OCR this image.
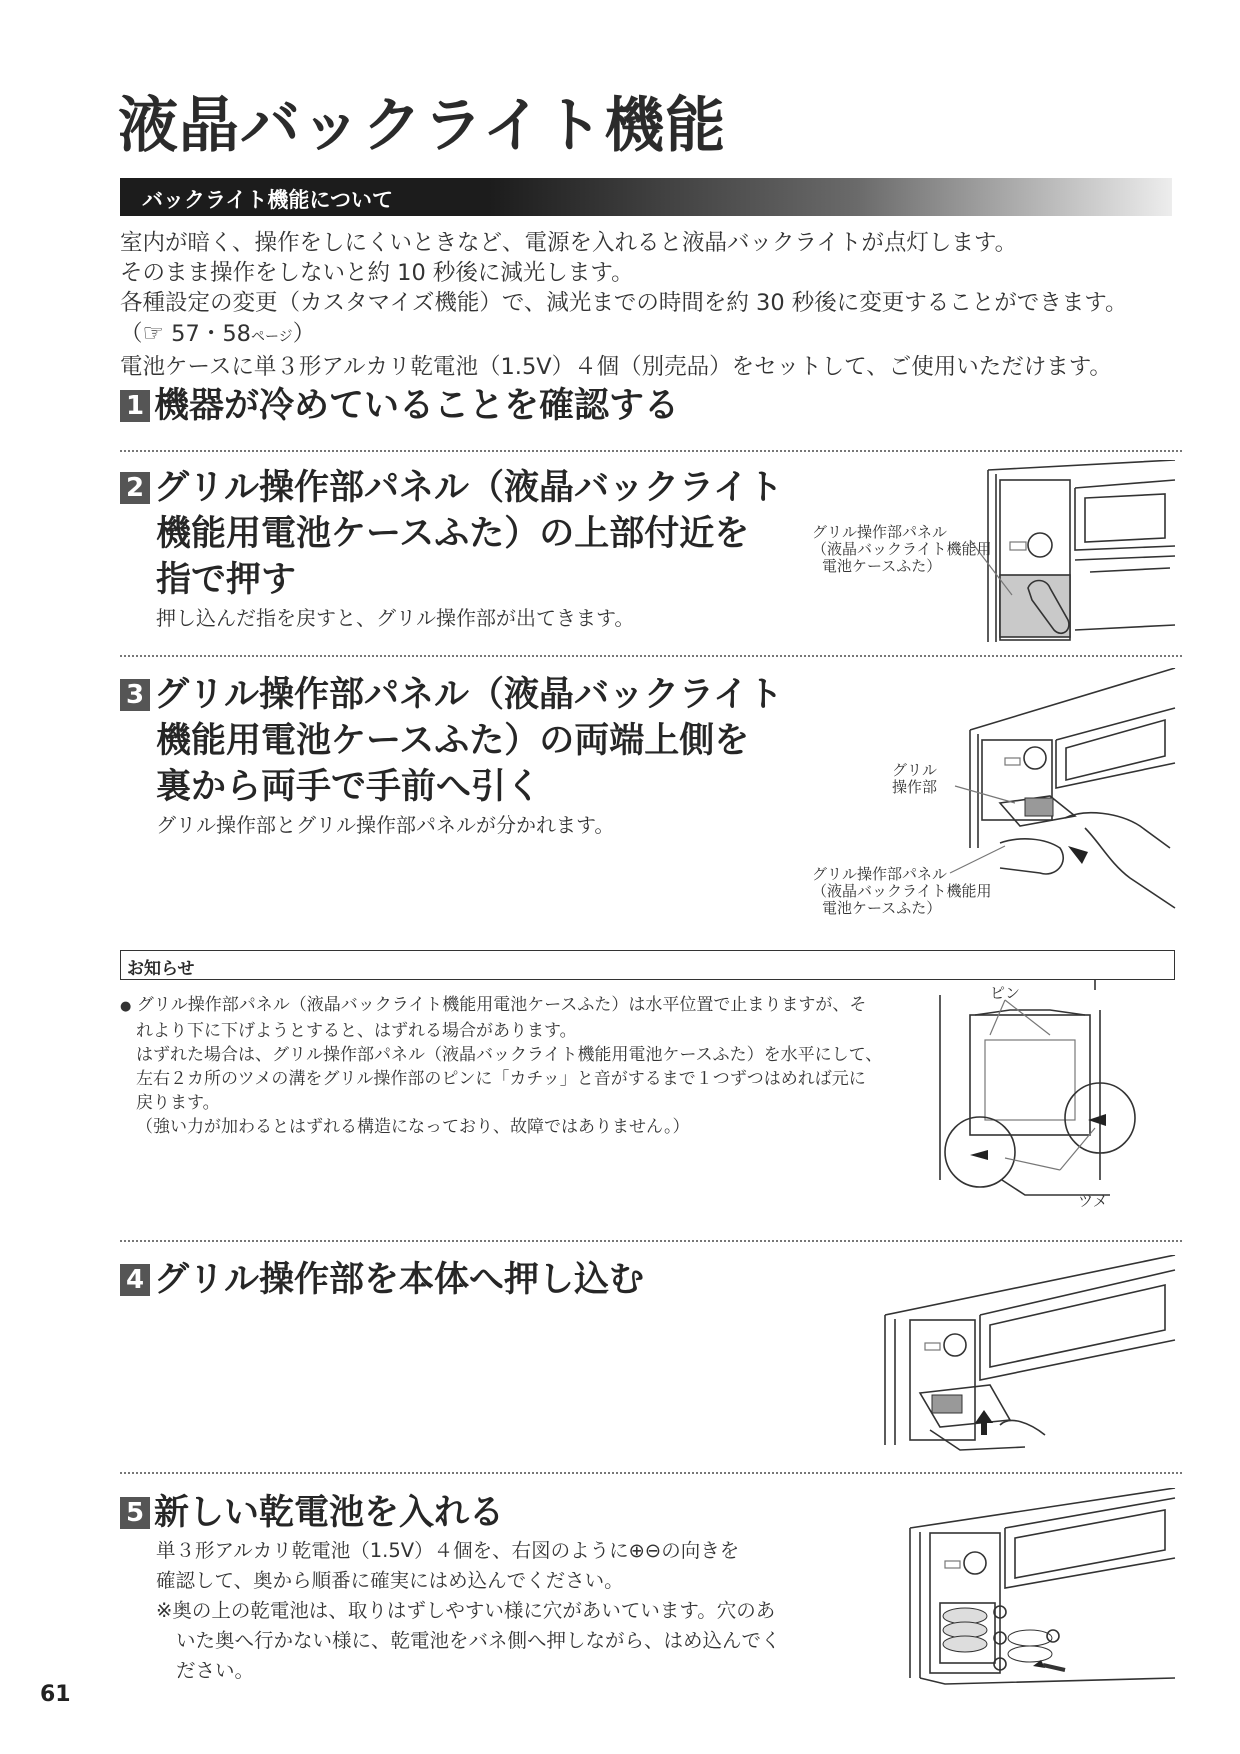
液晶バックライト機能
バックライト機能について
室内が暗く、操作をしにくいときなど、電源を入れると液晶バックライトが点灯します。
そのまま操作をしないと約 10 秒後に減光します。
各種設定の変更（カスタマイズ機能）で、減光までの時間を約 30 秒後に変更することができます。
（☞ 57・58ページ）
電池ケースに単３形アルカリ乾電池（1.5V）４個（別売品）をセットして、ご使用いただけます。
1 機器が冷めていることを確認する
2 グリル操作部パネル（液晶バックライト
機能用電池ケースふた）の上部付近を
指で押す
押し込んだ指を戻すと、グリル操作部が出てきます。
グリル操作部パネル
（液晶バックライト機能用
電池ケースふた）
3 グリル操作部パネル（液晶バックライト
機能用電池ケースふた）の両端上側を
裏から両手で手前へ引く
グリル操作部とグリル操作部パネルが分かれます。
グリル
操作部
グリル操作部パネル
（液晶バックライト機能用
電池ケースふた）
お知らせ
● グリル操作部パネル（液晶バックライト機能用電池ケースふた）は水平位置で止まりますが、そ
れより下に下げようとすると、はずれる場合があります。
はずれた場合は、グリル操作部パネル（液晶バックライト機能用電池ケースふた）を水平にして、
左右２カ所のツメの溝をグリル操作部のピンに「カチッ」と音がするまで１つずつはめれば元に
戻ります。
（強い力が加わるとはずれる構造になっており、故障ではありません。）
ピン
ツメ
4 グリル操作部を本体へ押し込む
5 新しい乾電池を入れる
単３形アルカリ乾電池（1.5V）４個を、右図のように⊕⊖の向きを
確認して、奥から順番に確実にはめ込んでください。
※奥の上の乾電池は、取りはずしやすい様に穴があいています。穴のあ
いた奥へ行かない様に、乾電池をバネ側へ押しながら、はめ込んでく
ださい。
61
